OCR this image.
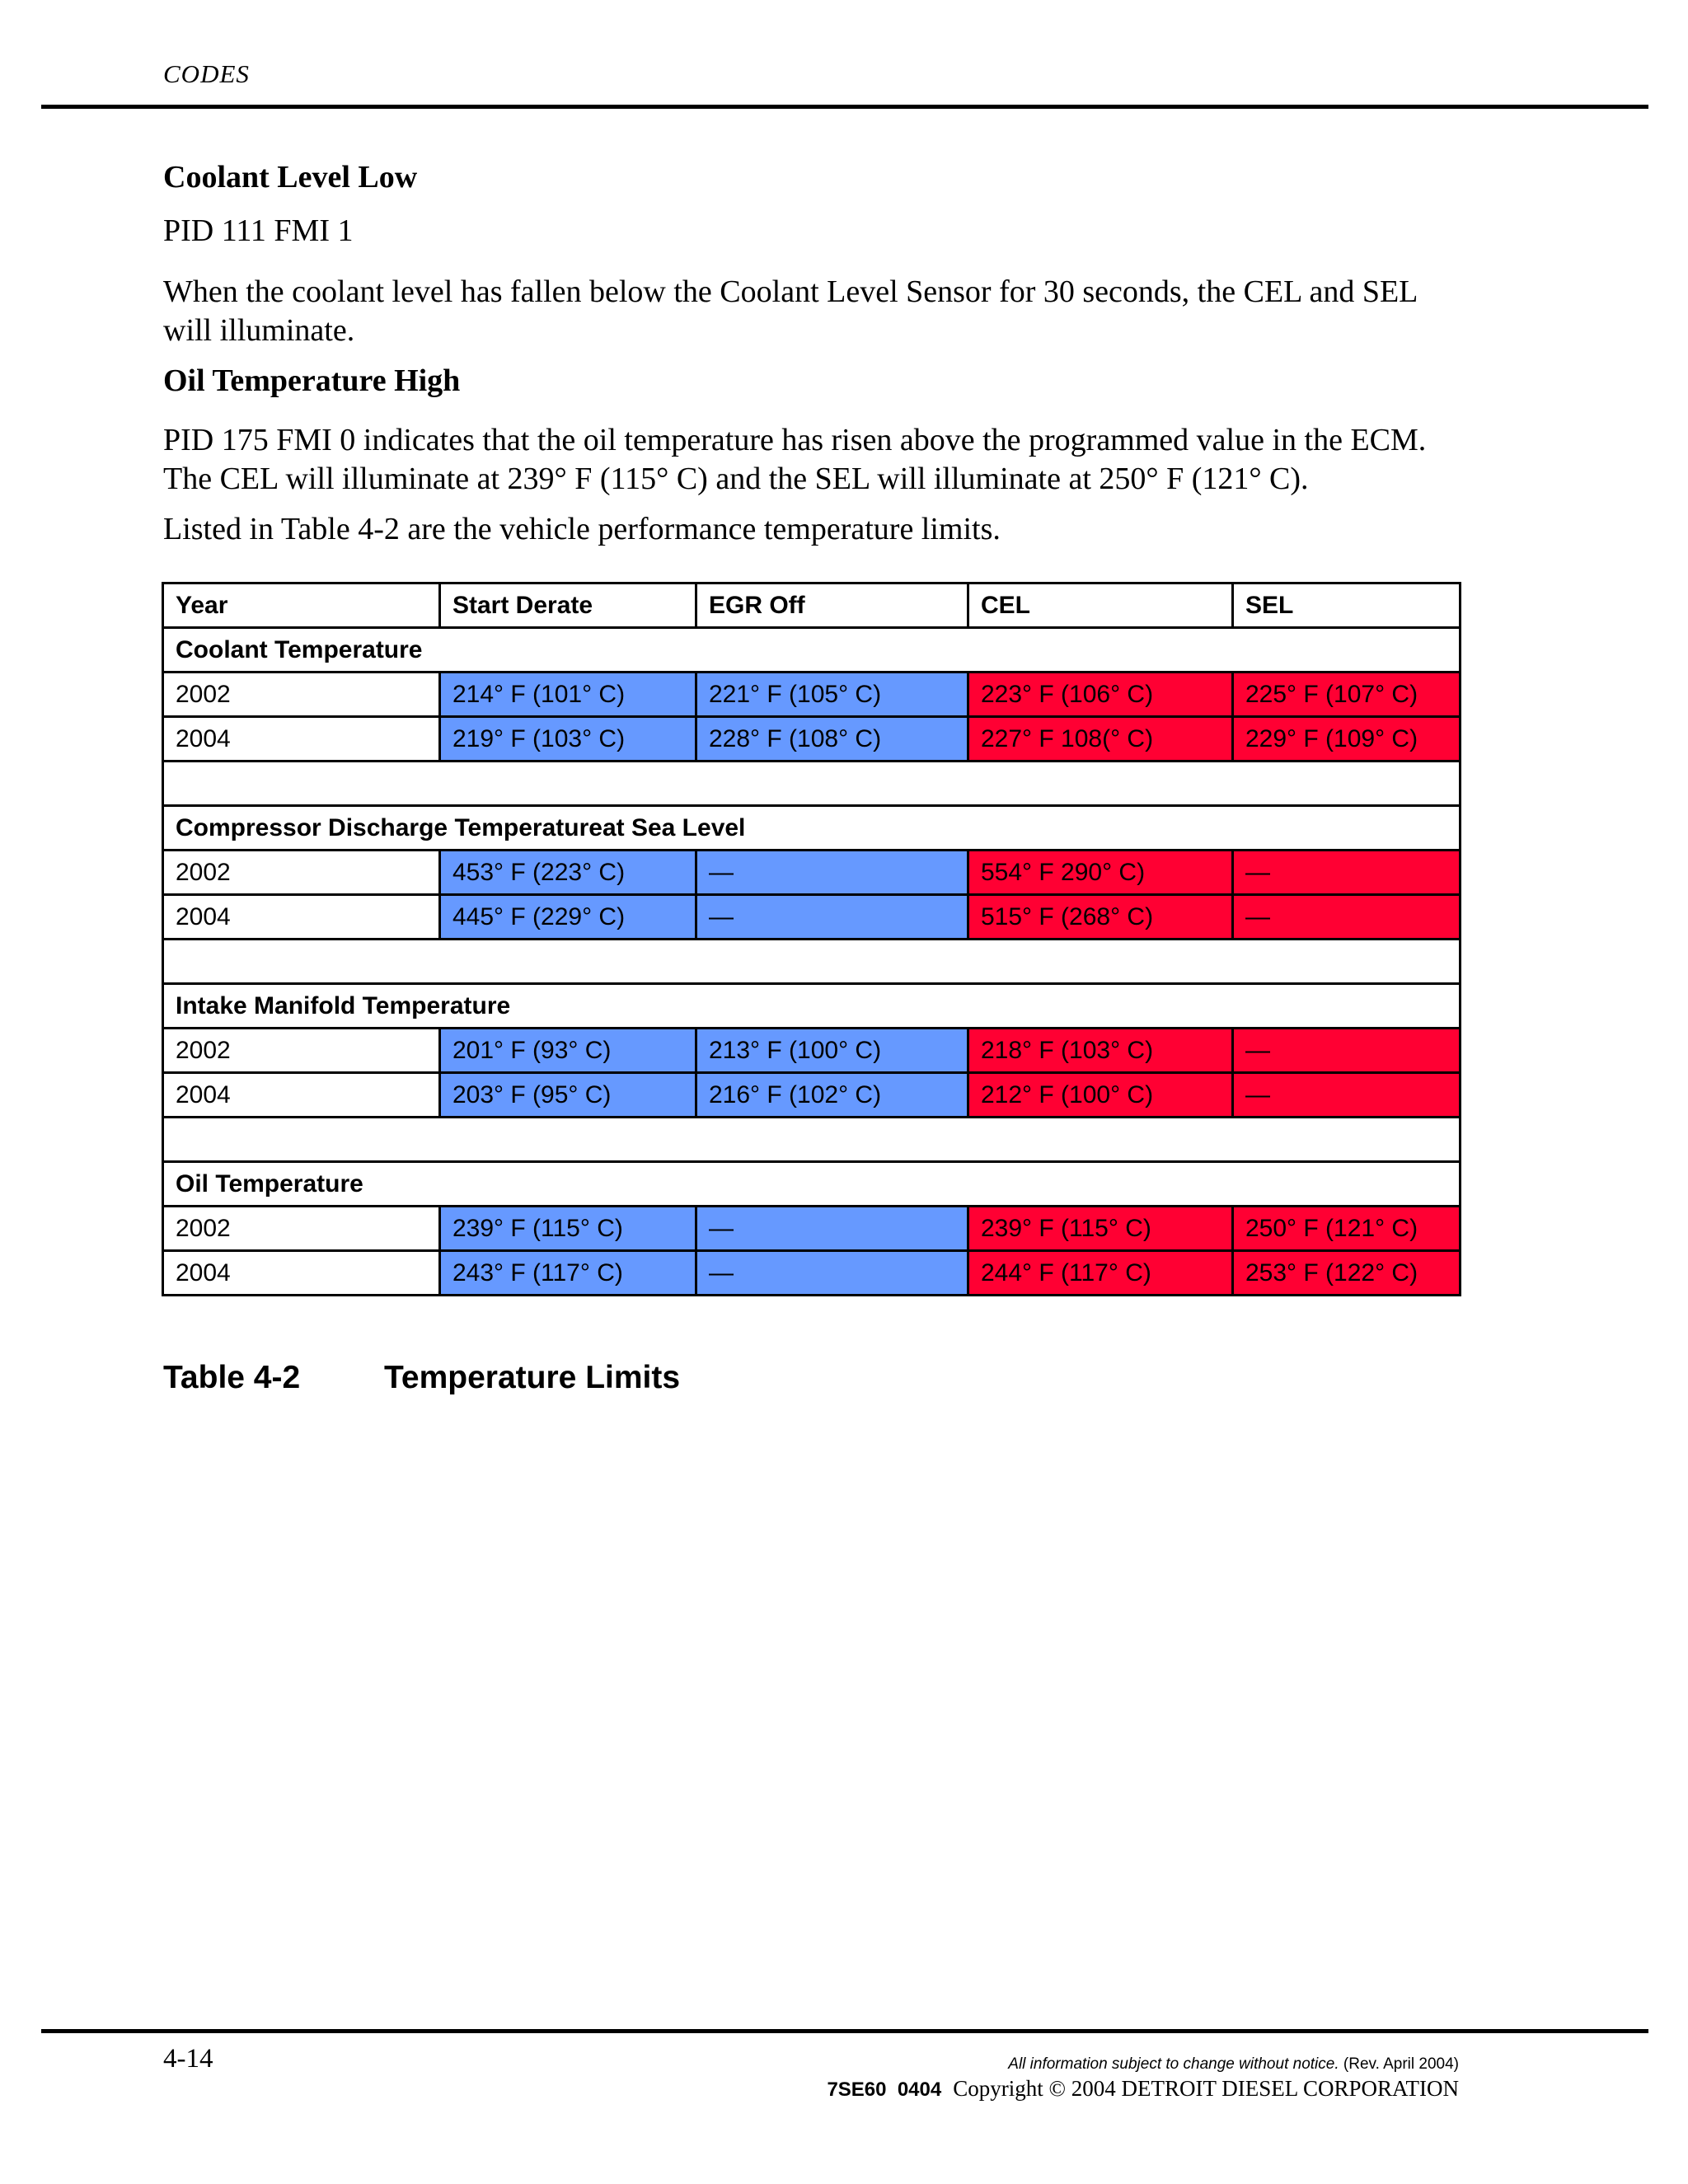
CODES
Coolant Level Low

PID 111 FMI 1

When the coolant level has fallen below the Coolant Level Sensor for 30 seconds, the CEL and SEL will illuminate.

Oil Temperature High

PID 175 FMI 0 indicates that the oil temperature has risen above the programmed value in the ECM. The CEL will illuminate at 239° F (115° C) and the SEL will illuminate at 250° F (121° C).

Listed in Table 4-2 are the vehicle performance temperature limits.

Year	Start Derate	EGR Off	CEL	SEL
Coolant Temperature				
2002	214° F (101° C)	221° F (105° C)	223° F (106° C)	225° F (107° C)
2004	219° F (103° C)	228° F (108° C)	227° F 108(° C)	229° F (109° C)

Compressor Discharge Temperatureat Sea Level				
2002	453° F (223° C)	—	554° F 290° C)	—
2004	445° F (229° C)	—	515° F (268° C)	—

Intake Manifold Temperature				
2002	201° F (93° C)	213° F (100° C)	218° F (103° C)	—
2004	203° F (95° C)	216° F (102° C)	212° F (100° C)	—

Oil Temperature				
2002	239° F (115° C)	—	239° F (115° C)	250° F (121° C)
2004	243° F (117° C)	—	244° F (117° C)	253° F (122° C)
Table 4-2	Temperature Limits
4-14	All information subject to change without notice. (Rev. April 2004)
7SE60  0404 Copyright © 2004 DETROIT DIESEL CORPORATION
